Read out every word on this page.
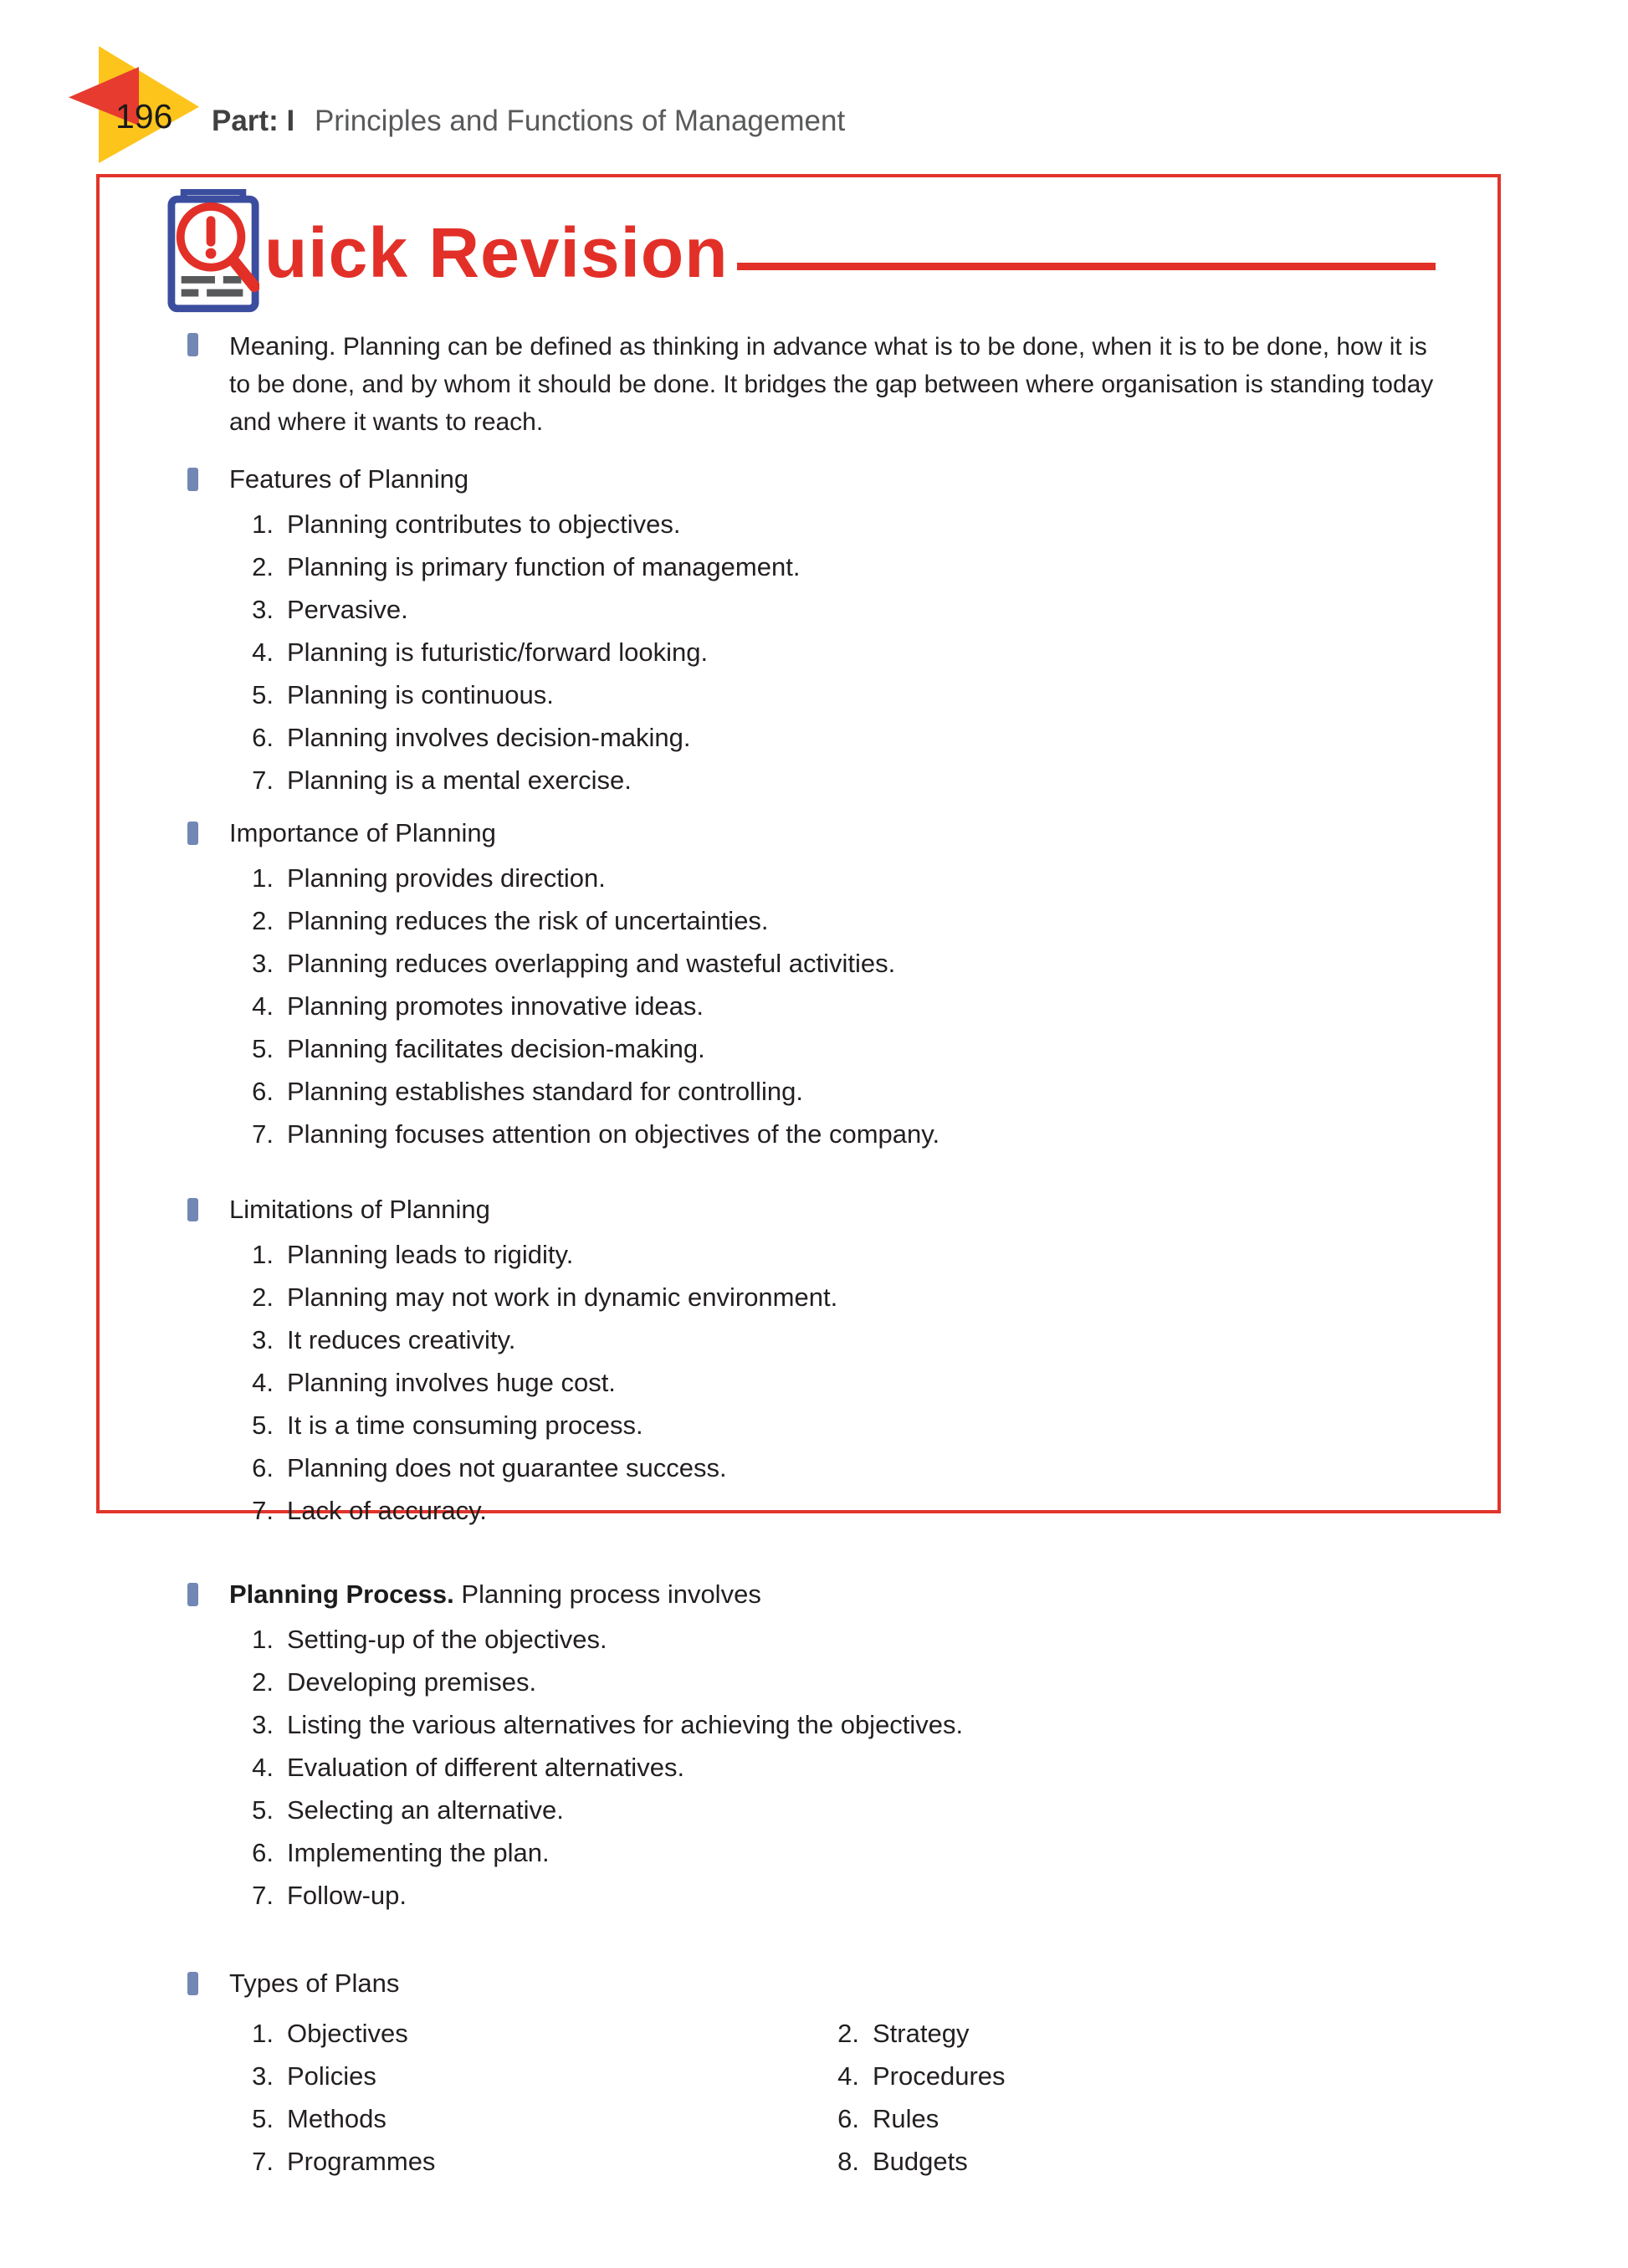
196 Part: I Principles and Functions of Management
uick Revision
Meaning. Planning can be defined as thinking in advance what is to be done, when it is to be done, how it is to be done, and by whom it should be done. It bridges the gap between where organisation is standing today and where it wants to reach.
Features of Planning
1. Planning contributes to objectives.
2. Planning is primary function of management.
3. Pervasive.
4. Planning is futuristic/forward looking.
5. Planning is continuous.
6. Planning involves decision-making.
7. Planning is a mental exercise.
Importance of Planning
1. Planning provides direction.
2. Planning reduces the risk of uncertainties.
3. Planning reduces overlapping and wasteful activities.
4. Planning promotes innovative ideas.
5. Planning facilitates decision-making.
6. Planning establishes standard for controlling.
7. Planning focuses attention on objectives of the company.
Limitations of Planning
1. Planning leads to rigidity.
2. Planning may not work in dynamic environment.
3. It reduces creativity.
4. Planning involves huge cost.
5. It is a time consuming process.
6. Planning does not guarantee success.
7. Lack of accuracy.
Planning Process. Planning process involves
1. Setting-up of the objectives.
2. Developing premises.
3. Listing the various alternatives for achieving the objectives.
4. Evaluation of different alternatives.
5. Selecting an alternative.
6. Implementing the plan.
7. Follow-up.
Types of Plans
1. Objectives	2. Strategy
3. Policies	4. Procedures
5. Methods	6. Rules
7. Programmes	8. Budgets
